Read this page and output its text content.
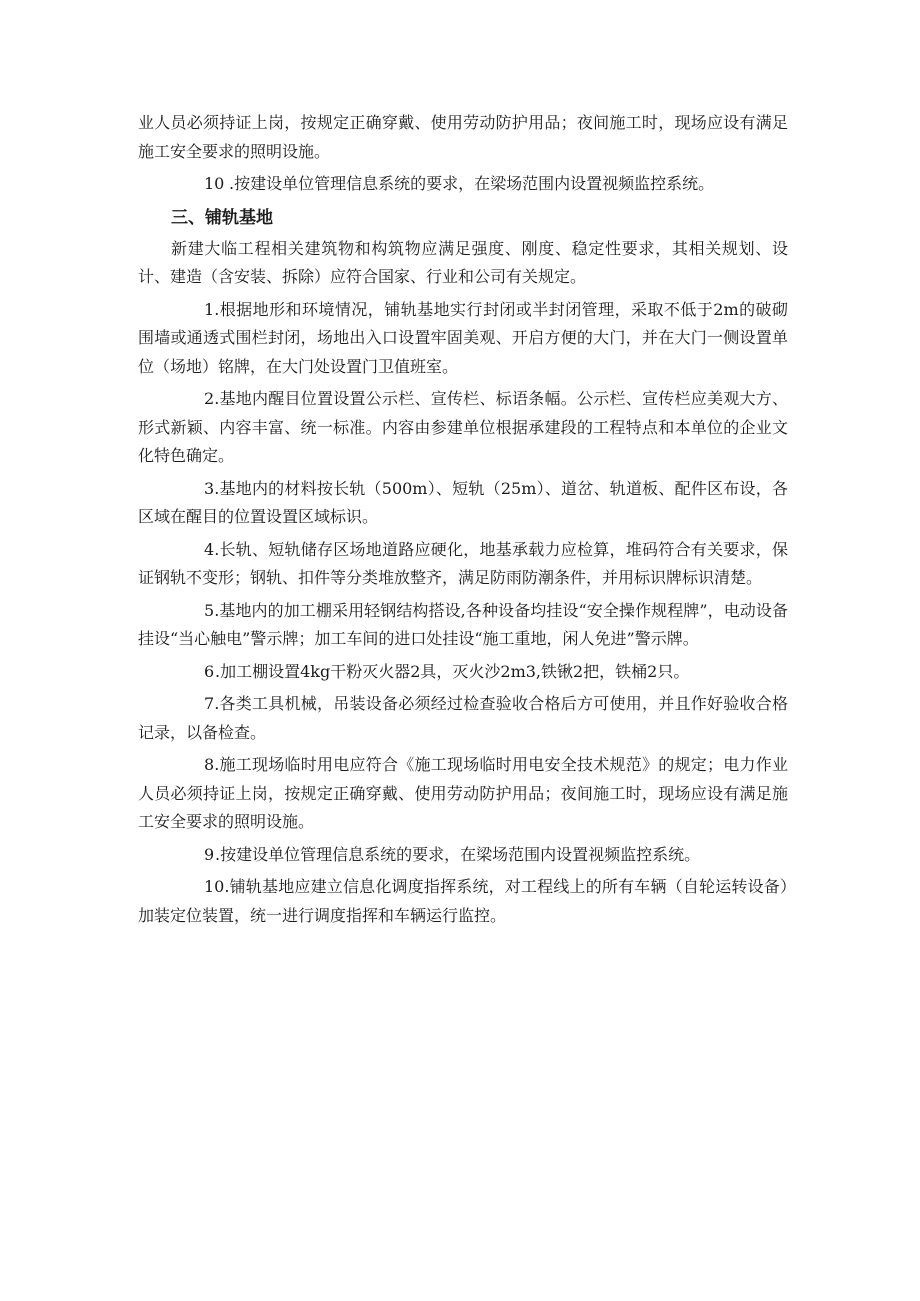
业人员必须持证上岗，按规定正确穿戴、使用劳动防护用品；夜间施工时，现场应设有满足施工安全要求的照明设施。

10 .按建设单位管理信息系统的要求，在梁场范围内设置视频监控系统。

三、铺轨基地

新建大临工程相关建筑物和构筑物应满足强度、刚度、稳定性要求，其相关规划、设计、建造（含安装、拆除）应符合国家、行业和公司有关规定。

1.根据地形和环境情况，铺轨基地实行封闭或半封闭管理，采取不低于2m的破砌围墙或通透式围栏封闭，场地出入口设置牢固美观、开启方便的大门，并在大门一侧设置单位（场地）铭牌，在大门处设置门卫值班室。

2.基地内醒目位置设置公示栏、宣传栏、标语条幅。公示栏、宣传栏应美观大方、形式新颖、内容丰富、统一标准。内容由参建单位根据承建段的工程特点和本单位的企业文化特色确定。

3.基地内的材料按长轨（500m）、短轨（25m）、道岔、轨道板、配件区布设，各区域在醒目的位置设置区域标识。

4.长轨、短轨储存区场地道路应硬化，地基承载力应检算，堆码符合有关要求，保证钢轨不变形；钢轨、扣件等分类堆放整齐，满足防雨防潮条件，并用标识牌标识清楚。

5.基地内的加工棚采用轻钢结构搭设,各种设备均挂设“安全操作规程牌”，电动设备挂设“当心触电”警示牌；加工车间的进口处挂设“施工重地，闲人免进”警示牌。

6.加工棚设置4kg干粉灭火器2具，灭火沙2m3,铁锹2把，铁桶2只。

7.各类工具机械，吊装设备必须经过检查验收合格后方可使用，并且作好验收合格记录，以备检查。

8.施工现场临时用电应符合《施工现场临时用电安全技术规范》的规定；电力作业人员必须持证上岗，按规定正确穿戴、使用劳动防护用品；夜间施工时，现场应设有满足施工安全要求的照明设施。

9.按建设单位管理信息系统的要求，在梁场范围内设置视频监控系统。

10.铺轨基地应建立信息化调度指挥系统，对工程线上的所有车辆（自轮运转设备）加装定位装置，统一进行调度指挥和车辆运行监控。
